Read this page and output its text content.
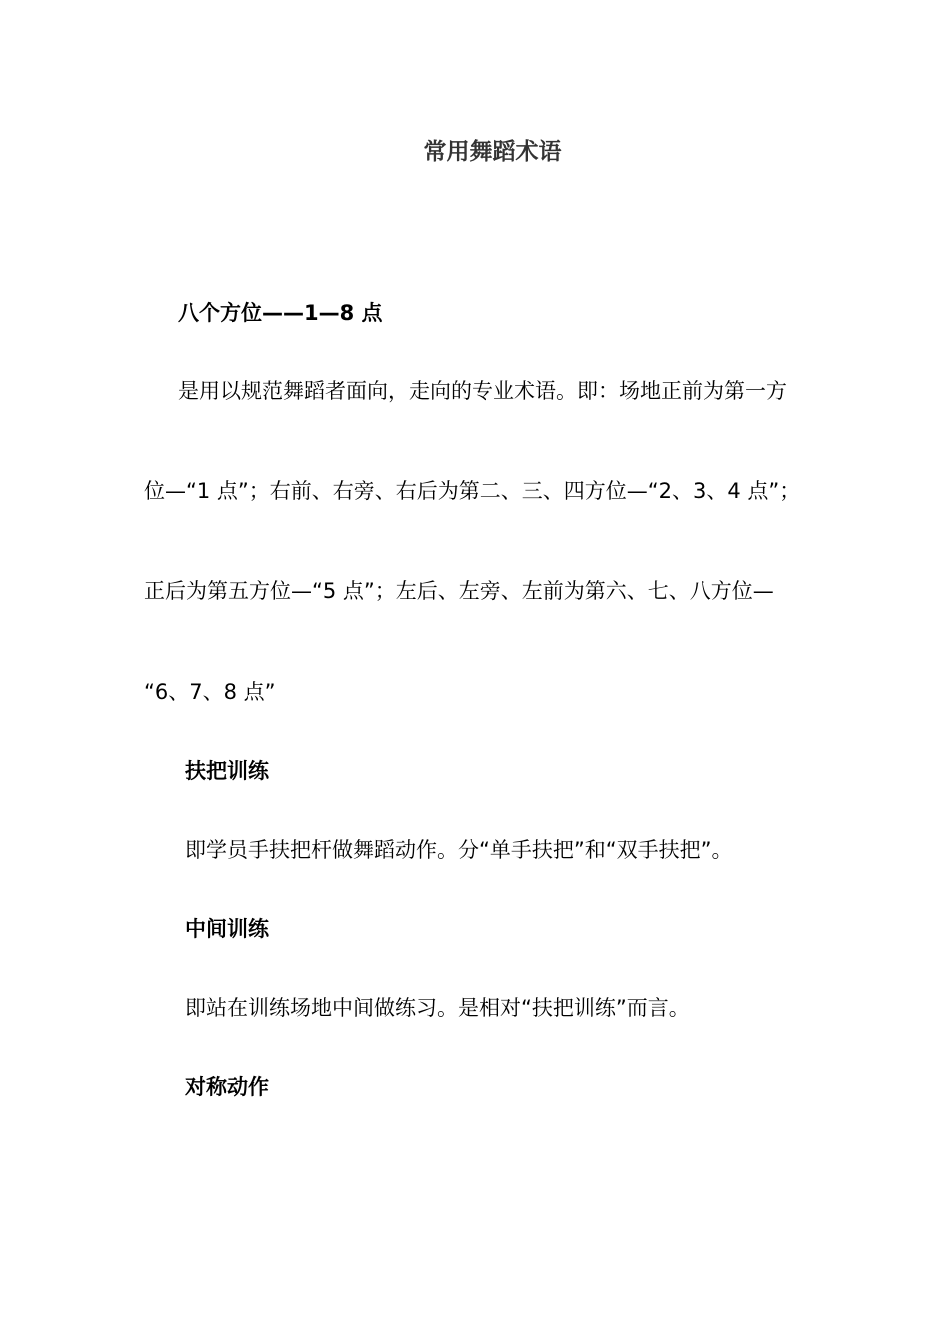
常用舞蹈术语
八个方位——1—8 点
是用以规范舞蹈者面向，走向的专业术语。即：场地正前为第一方
位—“1 点”；右前、右旁、右后为第二、三、四方位—“2、3、4 点”；
正后为第五方位—“5 点”；左后、左旁、左前为第六、七、八方位—
“6、7、8 点”
扶把训练
即学员手扶把杆做舞蹈动作。分“单手扶把”和“双手扶把”。
中间训练
即站在训练场地中间做练习。是相对“扶把训练”而言。
对称动作
